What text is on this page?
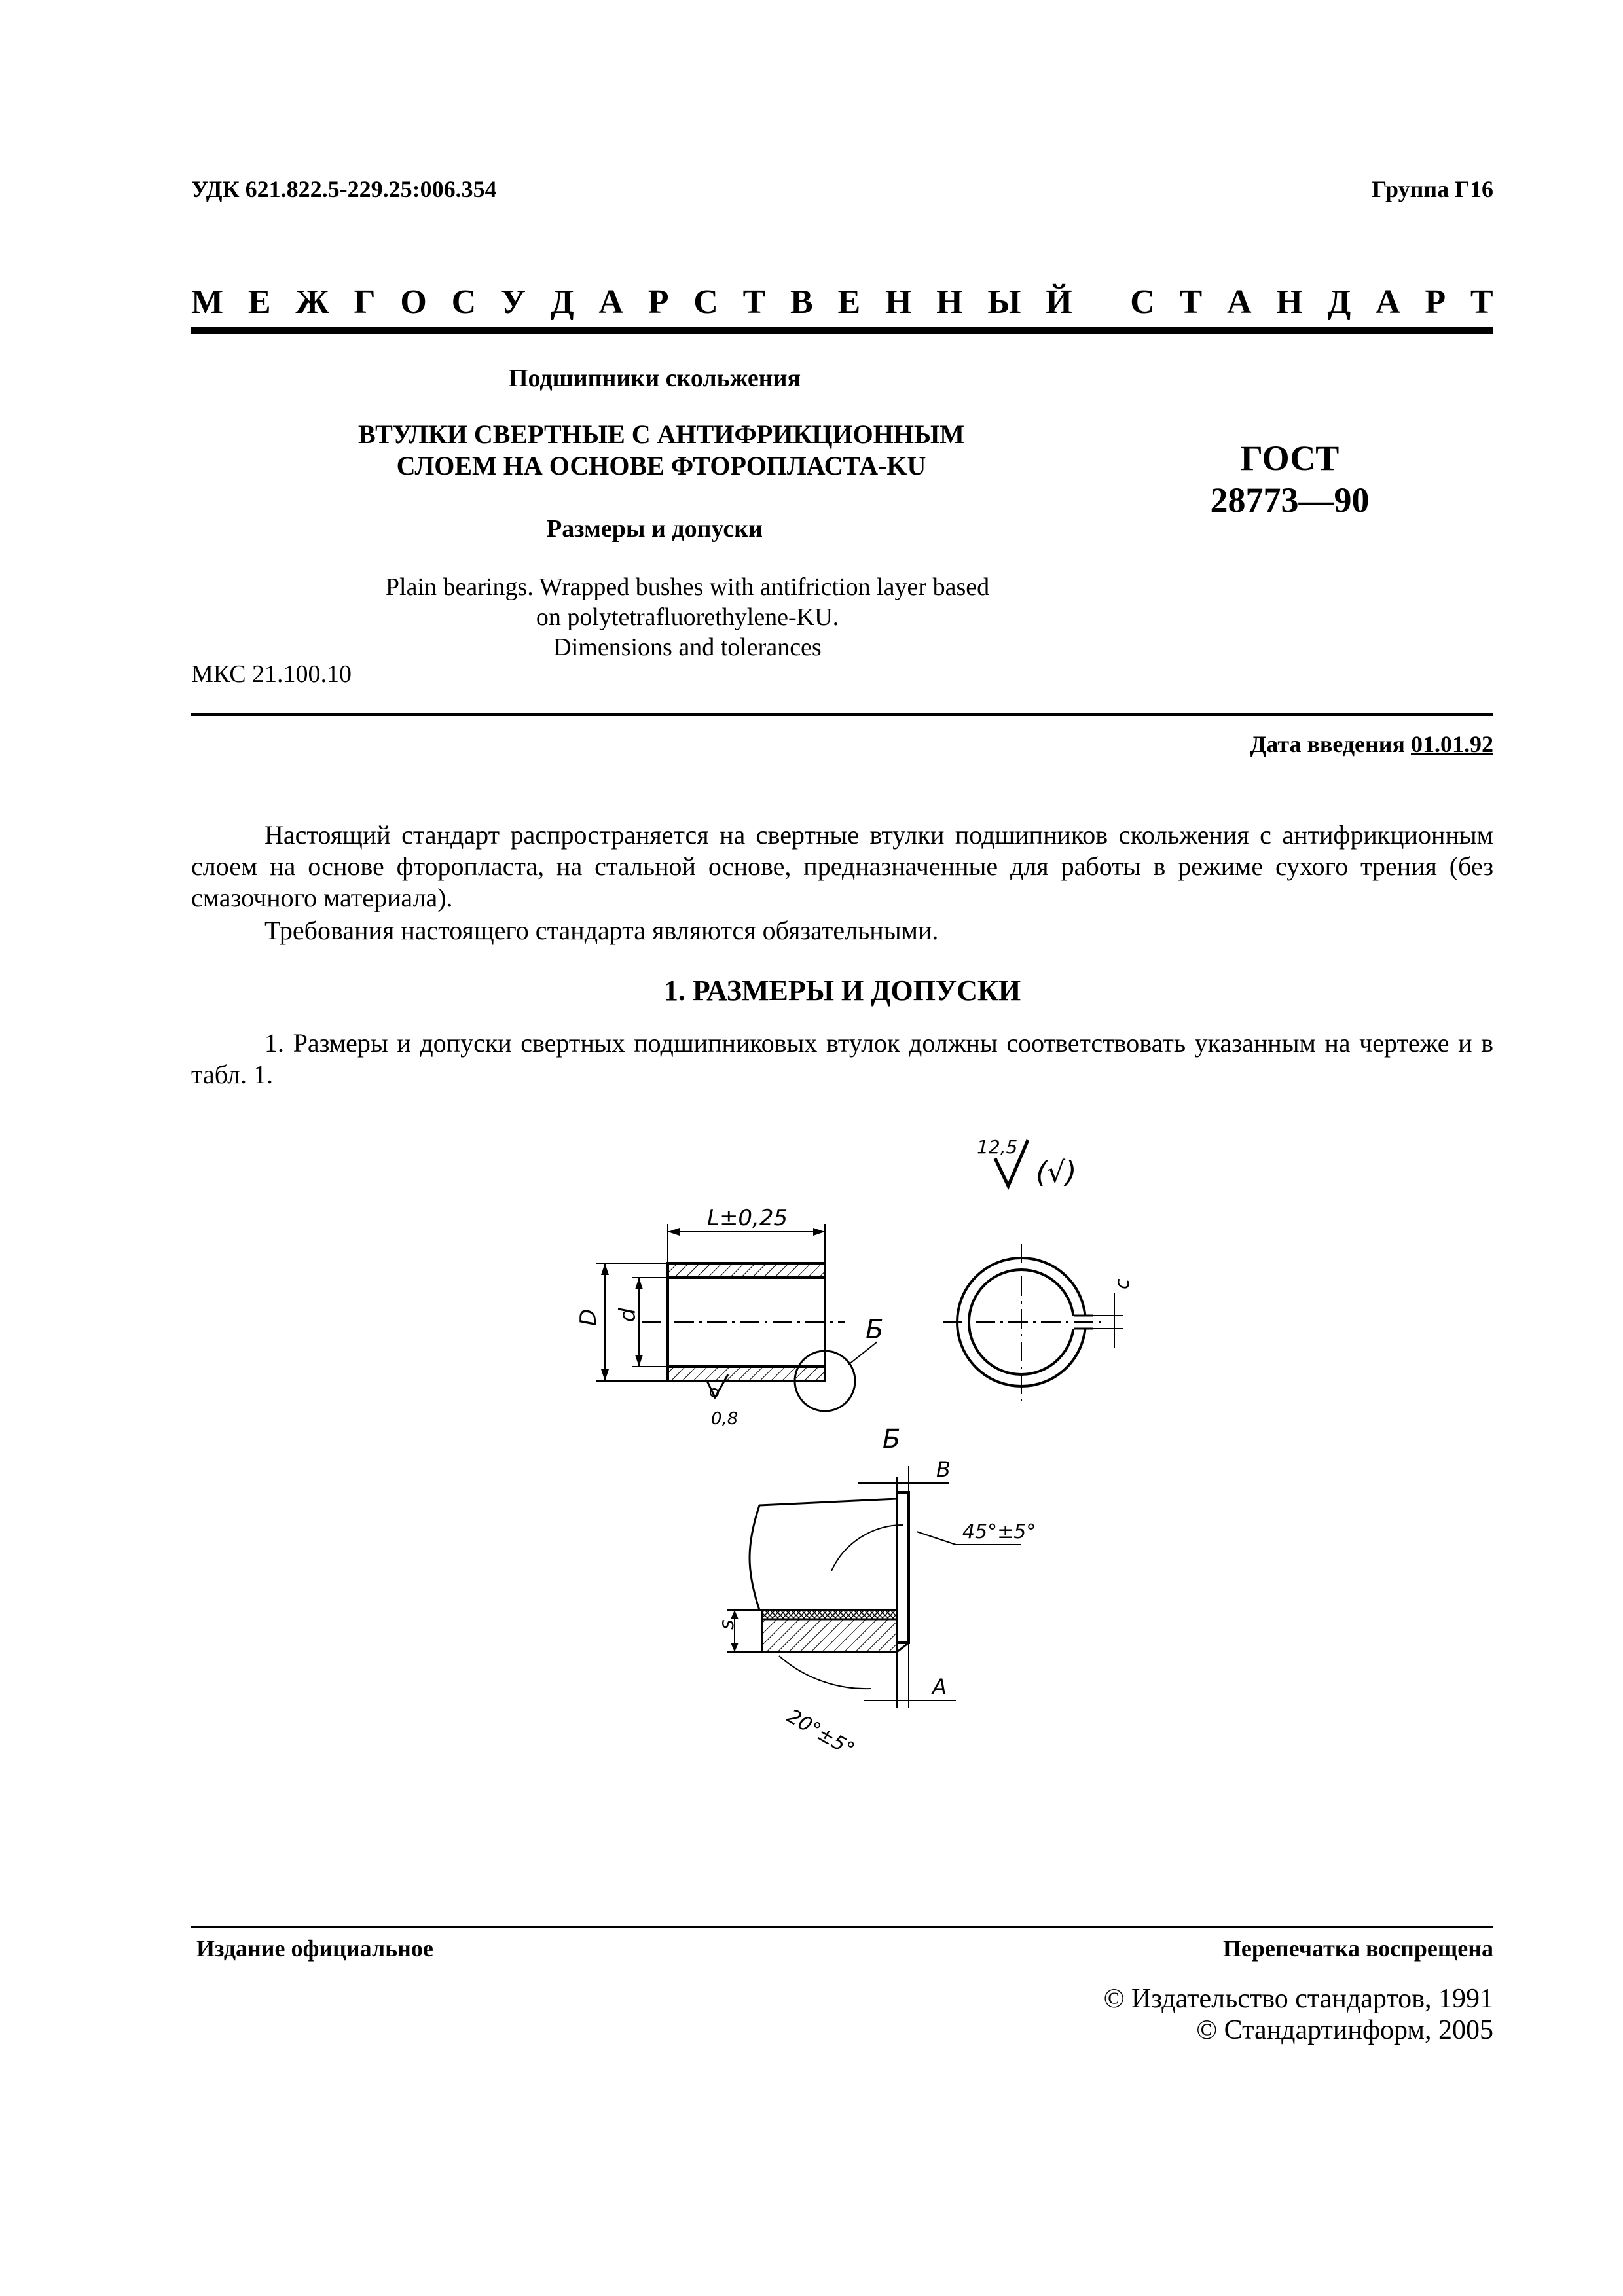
УДК 621.822.5-229.25:006.354	Группа Г16
М Е Ж Г О С У Д А Р С Т В Е Н Н Ы Й
С Т А Н Д А Р Т
Подшипники скольжения
ВТУЛКИ СВЕРТНЫЕ С АНТИФРИКЦИОННЫМ
СЛОЕМ НА ОСНОВЕ ФТОРОПЛАСТА-KU
Размеры и допуски
ГОСТ
28773—90
Plain bearings. Wrapped bushes with antifriction layer based
on polytetrafluorethylene-KU.
Dimensions and tolerances
МКС 21.100.10
Дата введения 01.01.92
Настоящий стандарт распространяется на свертные втулки подшипников скольжения с антифрикционным слоем на основе фторопласта, на стальной основе, предназначенные для работы в режиме сухого трения (без смазочного материала).
Требования настоящего стандарта являются обязательными.
1. РАЗМЕРЫ И ДОПУСКИ
1. Размеры и допуски свертных подшипниковых втулок должны соответствовать указанным на чертеже и в табл. 1.
12,5
(√)
L±0,25
D d	Б
0,8
c
Б
B
45°±5°
s
A
20°±5°
Издание официальное	Перепечатка воспрещена
© Издательство стандартов, 1991
© Стандартинформ, 2005
